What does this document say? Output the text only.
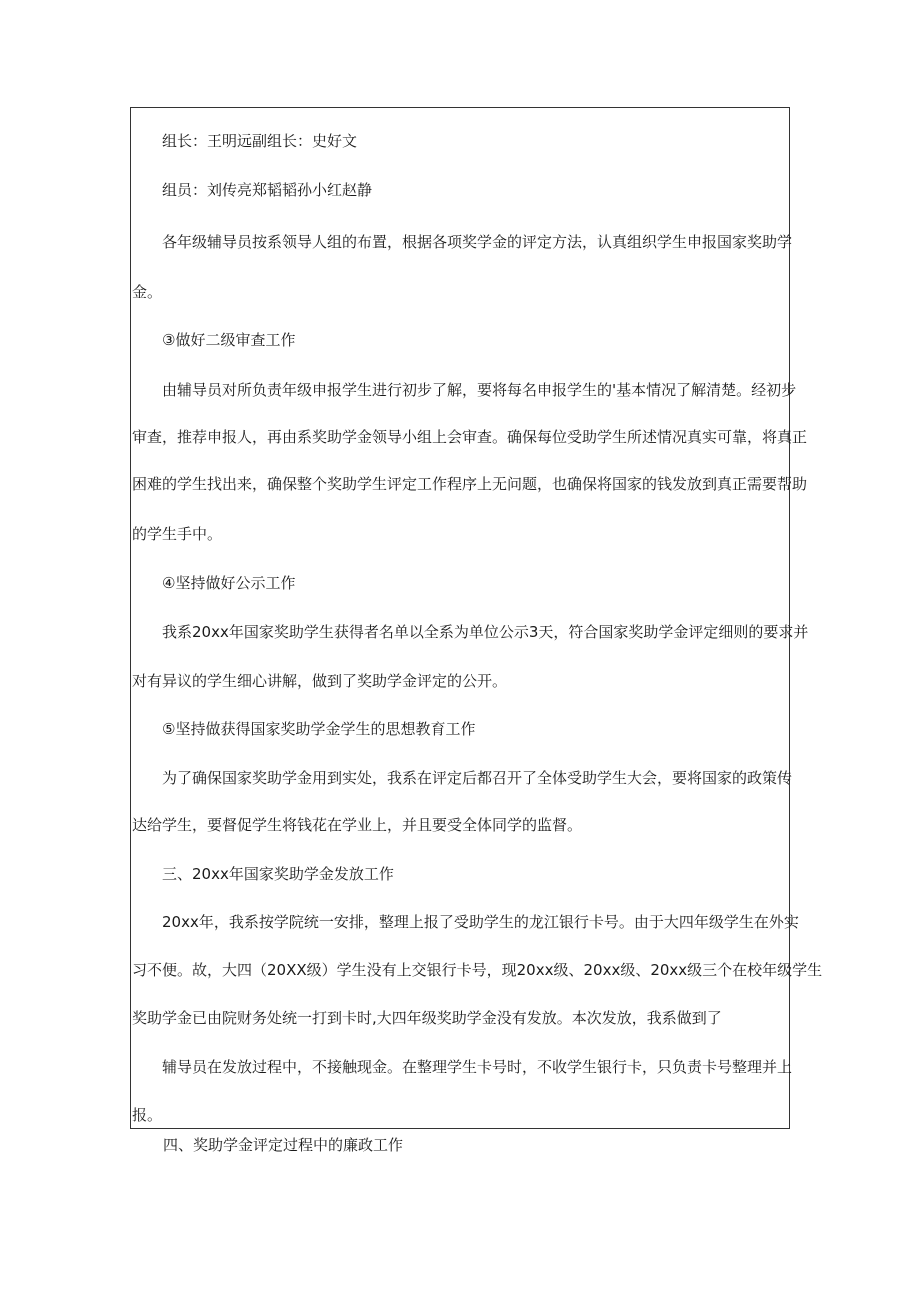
组长：王明远副组长：史好文
组员：刘传亮郑韬韬孙小红赵静
各年级辅导员按系领导人组的布置，根据各项奖学金的评定方法，认真组织学生申报国家奖助学
金。
③做好二级审查工作
由辅导员对所负责年级申报学生进行初步了解，要将每名申报学生的'基本情况了解清楚。经初步
审查，推荐申报人，再由系奖助学金领导小组上会审查。确保每位受助学生所述情况真实可靠，将真正
困难的学生找出来，确保整个奖助学生评定工作程序上无问题，也确保将国家的钱发放到真正需要帮助
的学生手中。
④坚持做好公示工作
我系20xx年国家奖助学生获得者名单以全系为单位公示3天，符合国家奖助学金评定细则的要求并
对有异议的学生细心讲解，做到了奖助学金评定的公开。
⑤坚持做获得国家奖助学金学生的思想教育工作
为了确保国家奖助学金用到实处，我系在评定后都召开了全体受助学生大会，要将国家的政策传
达给学生，要督促学生将钱花在学业上，并且要受全体同学的监督。
三、20xx年国家奖助学金发放工作
20xx年，我系按学院统一安排，整理上报了受助学生的龙江银行卡号。由于大四年级学生在外实
习不便。故，大四（20XX级）学生没有上交银行卡号，现20xx级、20xx级、20xx级三个在校年级学生
奖助学金已由院财务处统一打到卡时,大四年级奖助学金没有发放。本次发放，我系做到了
辅导员在发放过程中，不接触现金。在整理学生卡号时，不收学生银行卡，只负责卡号整理并上
报。
四、奖助学金评定过程中的廉政工作
